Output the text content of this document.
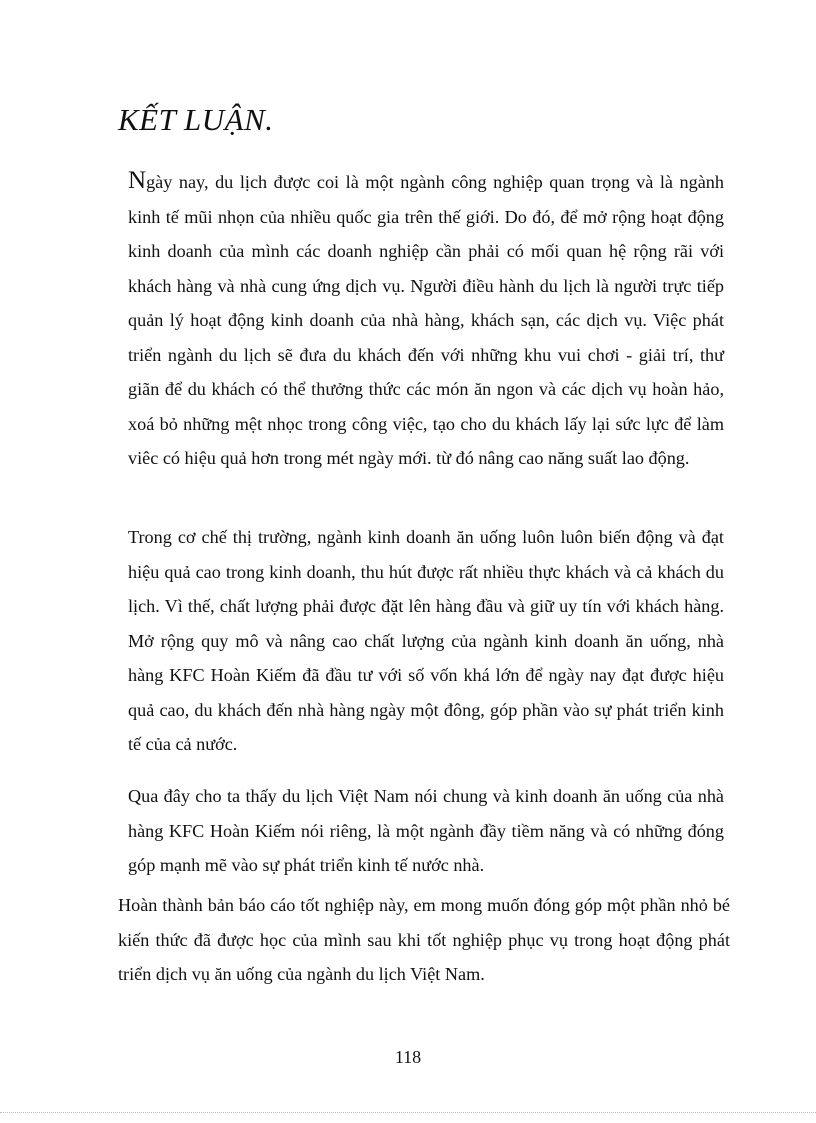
KẾT LUẬN.

Ngày nay, du lịch được coi là một ngành công nghiệp quan trọng và là ngành kinh tế mũi nhọn của nhiều quốc gia trên thế giới. Do đó, để mở rộng hoạt động kinh doanh của mình các doanh nghiệp cần phải có mối quan hệ rộng rãi với khách hàng và nhà cung ứng dịch vụ. Người điều hành du lịch là người trực tiếp quản lý hoạt động kinh doanh của nhà hàng, khách sạn, các dịch vụ. Việc phát triển ngành du lịch sẽ đưa du khách đến với những khu vui chơi - giải trí, thư giãn để du khách có thể thưởng thức các món ăn ngon và các dịch vụ hoàn hảo, xoá bỏ những mệt nhọc trong công việc, tạo cho du khách lấy lại sức lực để làm viêc có hiệu quả hơn trong mét ngày mới. từ đó nâng cao năng suất lao động.

Trong cơ chế thị trường, ngành kinh doanh ăn uống luôn luôn biến động và đạt hiệu quả cao trong kinh doanh, thu hút được rất nhiều thực khách và cả khách du lịch. Vì thế, chất lượng phải được đặt lên hàng đầu và giữ uy tín với khách hàng. Mở rộng quy mô và nâng cao chất lượng của ngành kinh doanh ăn uống, nhà hàng KFC Hoàn Kiếm đã đầu tư với số vốn khá lớn để ngày nay đạt được hiệu quả cao, du khách đến nhà hàng ngày một đông, góp phần vào sự phát triển kinh tế của cả nước.

Qua đây cho ta thấy du lịch Việt Nam nói chung và kinh doanh ăn uống của nhà hàng KFC Hoàn Kiếm nói riêng, là một ngành đầy tiềm năng và có những đóng góp mạnh mẽ vào sự phát triển kinh tế nước nhà.

Hoàn thành bản báo cáo tốt nghiệp này, em mong muốn đóng góp một phần nhỏ bé kiến thức đã được học của mình sau khi tốt nghiệp phục vụ trong hoạt động phát triển dịch vụ ăn uống của ngành du lịch Việt Nam.

118
